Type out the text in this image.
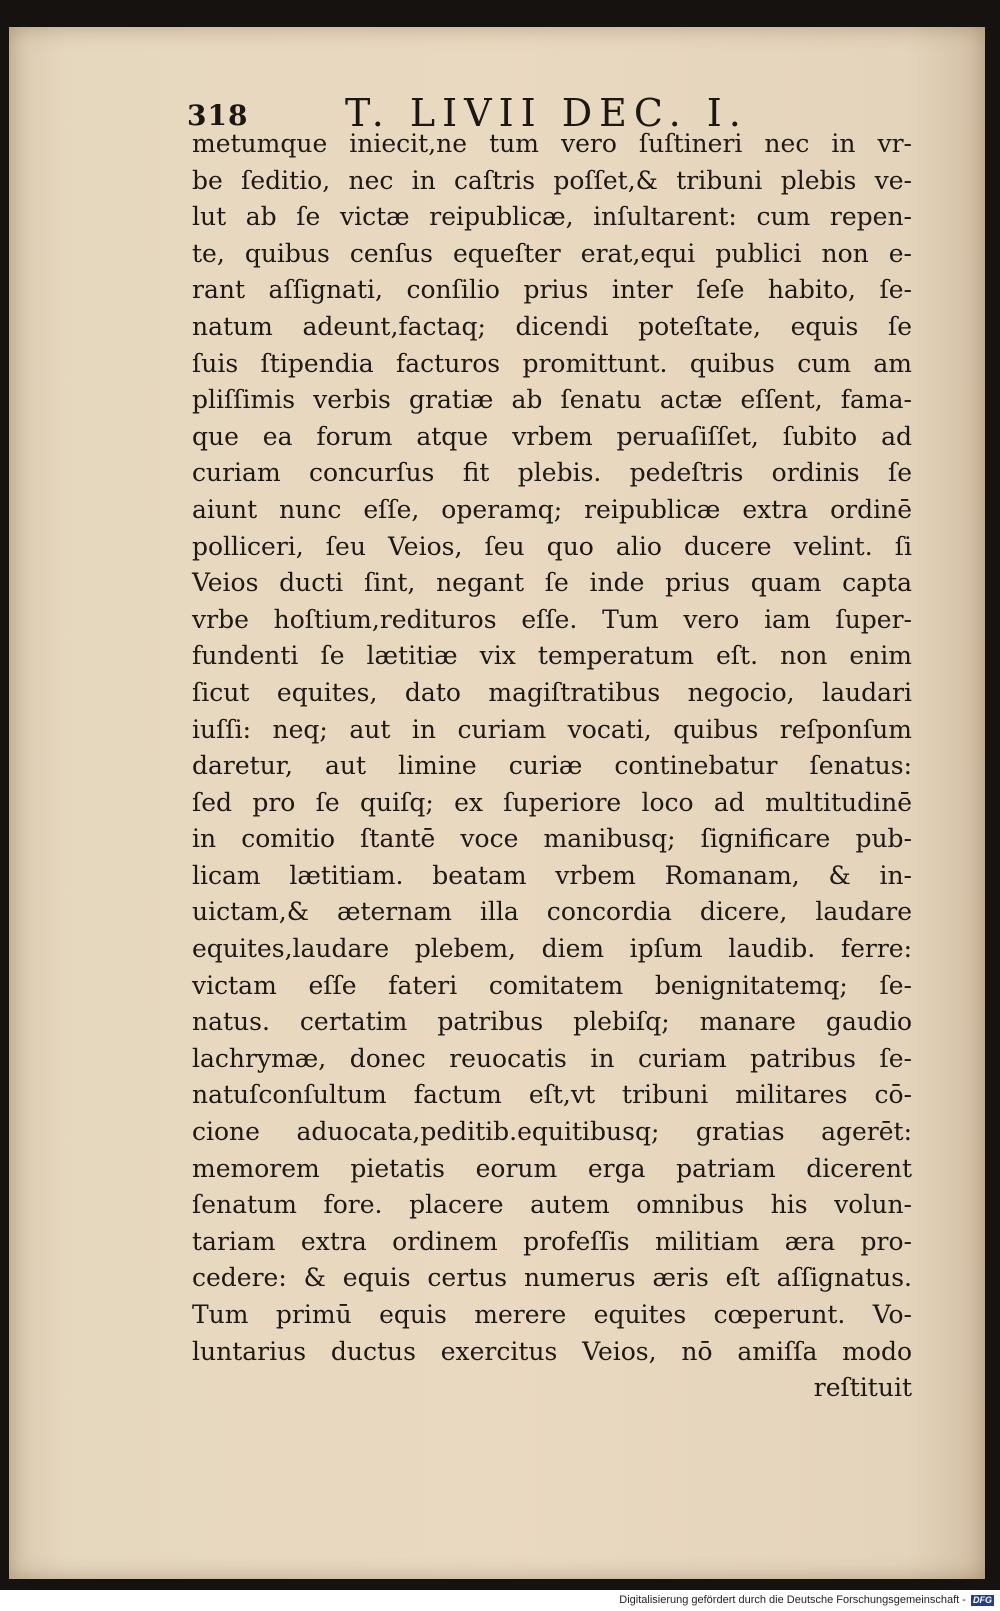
318	T. LIVII DEC. I.
metumque iniecit,ne tum vero ſuſtineri nec in vr-
be ſeditio, nec in caſtris poſſet,& tribuni plebis ve-
lut ab ſe victæ reipublicæ, inſultarent: cum repen-
te, quibus cenſus equeſter erat,equi publici non e-
rant aſſignati, conſilio prius inter ſeſe habito, ſe-
natum adeunt,factaq; dicendi poteſtate, equis ſe
ſuis ſtipendia facturos promittunt. quibus cum am
pliſſimis verbis gratiæ ab ſenatu actæ eſſent, fama-
que ea forum atque vrbem peruaſiſſet, ſubito ad
curiam concurſus fit plebis. pedeſtris ordinis ſe
aiunt nunc eſſe, operamq; reipublicæ extra ordinē
polliceri, ſeu Veios, ſeu quo alio ducere velint. ſi
Veios ducti ſint, negant ſe inde prius quam capta
vrbe hoſtium,redituros eſſe. Tum vero iam ſuper-
fundenti ſe lætitiæ vix temperatum eſt. non enim
ſicut equites, dato magiſtratibus negocio, laudari
iuſſi: neq; aut in curiam vocati, quibus reſponſum
daretur, aut limine curiæ continebatur ſenatus:
ſed pro ſe quiſq; ex ſuperiore loco ad multitudinē
in comitio ſtantē voce manibusq; ſignificare pub-
licam lætitiam. beatam vrbem Romanam, & in-
uictam,& æternam illa concordia dicere, laudare
equites,laudare plebem, diem ipſum laudib. ferre:
victam eſſe fateri comitatem benignitatemq; ſe-
natus. certatim patribus plebiſq; manare gaudio
lachrymæ, donec reuocatis in curiam patribus ſe-
natuſconſultum factum eſt,vt tribuni militares cō-
cione aduocata,peditib.equitibusq; gratias agerēt:
memorem pietatis eorum erga patriam dicerent
ſenatum fore. placere autem omnibus his volun-
tariam extra ordinem profeſſis militiam æra pro-
cedere: & equis certus numerus æris eſt aſſignatus.
Tum primū equis merere equites cœperunt. Vo-
luntarius ductus exercitus Veios, nō amiſſa modo
reſtituit
Digitalisierung gefördert durch die Deutsche Forschungsgemeinschaft - DFG
